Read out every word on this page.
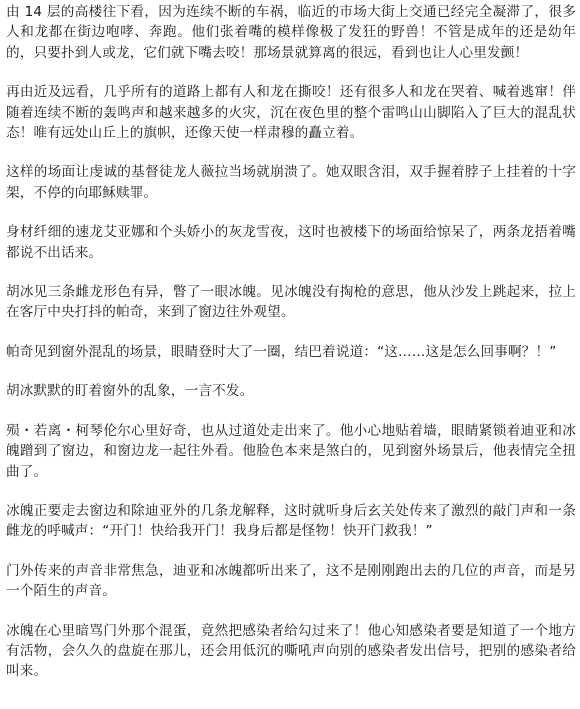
由 14 层的高楼往下看，因为连续不断的车祸，临近的市场大街上交通已经完全凝滞了，很多人和龙都在街边咆哮、奔跑。他们张着嘴的模样像极了发狂的野兽！不管是成年的还是幼年的，只要扑到人或龙，它们就下嘴去咬！那场景就算离的很远，看到也让人心里发颤！

再由近及远看，几乎所有的道路上都有人和龙在撕咬！还有很多人和龙在哭着、喊着逃窜！伴随着连续不断的轰鸣声和越来越多的火灾，沉在夜色里的整个雷鸣山山脚陷入了巨大的混乱状态！唯有远处山丘上的旗帜，还像天使一样肃穆的矗立着。

这样的场面让虔诚的基督徒龙人薇拉当场就崩溃了。她双眼含泪，双手握着脖子上挂着的十字架，不停的向耶稣赎罪。

身材纤细的速龙艾亚娜和个头娇小的灰龙雪夜，这时也被楼下的场面给惊呆了，两条龙捂着嘴都说不出话来。

胡冰见三条雌龙形色有异，瞥了一眼冰魄。见冰魄没有掏枪的意思，他从沙发上跳起来，拉上在客厅中央打抖的帕奇，来到了窗边往外观望。

帕奇见到窗外混乱的场景，眼睛登时大了一圈，结巴着说道：“这……这是怎么回事啊？！”

胡冰默默的盯着窗外的乱象，一言不发。

殒・若离・柯琴伦尔心里好奇，也从过道处走出来了。他小心地贴着墙，眼睛紧锁着迪亚和冰魄蹭到了窗边，和窗边龙一起往外看。他脸色本来是煞白的，见到窗外场景后，他表情完全扭曲了。

冰魄正要走去窗边和除迪亚外的几条龙解释，这时就听身后玄关处传来了激烈的敲门声和一条雌龙的呼喊声：“开门！快给我开门！我身后都是怪物！快开门救我！”

门外传来的声音非常焦急，迪亚和冰魄都听出来了，这不是刚刚跑出去的几位的声音，而是另一个陌生的声音。

冰魄在心里暗骂门外那个混蛋，竟然把感染者给勾过来了！他心知感染者要是知道了一个地方有活物，会久久的盘旋在那儿，还会用低沉的嘶吼声向别的感染者发出信号，把别的感染者给叫来。
